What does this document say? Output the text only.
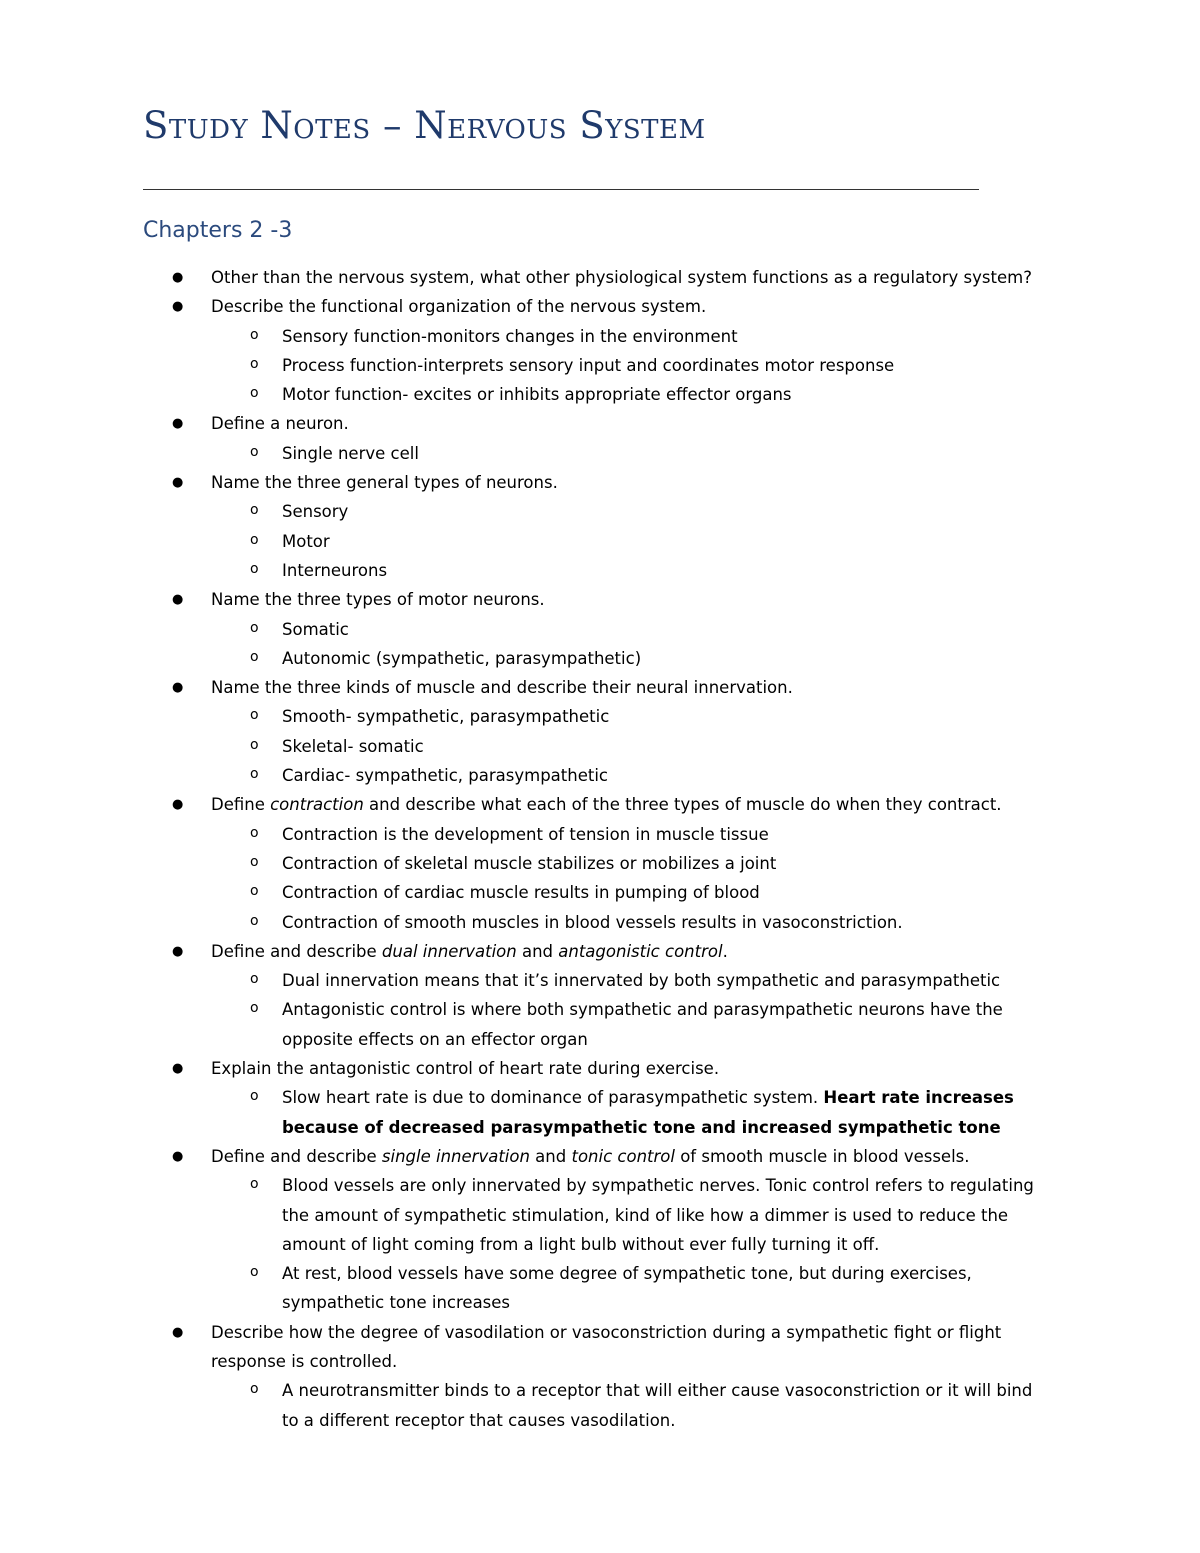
Study Notes – Nervous System
Chapters 2 -3
● Other than the nervous system, what other physiological system functions as a regulatory system?
● Describe the functional organization of the nervous system.
o Sensory function-monitors changes in the environment
o Process function-interprets sensory input and coordinates motor response
o Motor function- excites or inhibits appropriate effector organs
● Define a neuron.
o Single nerve cell
● Name the three general types of neurons.
o Sensory
o Motor
o Interneurons
● Name the three types of motor neurons.
o Somatic
o Autonomic (sympathetic, parasympathetic)
● Name the three kinds of muscle and describe their neural innervation.
o Smooth- sympathetic, parasympathetic
o Skeletal- somatic
o Cardiac- sympathetic, parasympathetic
● Define contraction and describe what each of the three types of muscle do when they contract.
o Contraction is the development of tension in muscle tissue
o Contraction of skeletal muscle stabilizes or mobilizes a joint
o Contraction of cardiac muscle results in pumping of blood
o Contraction of smooth muscles in blood vessels results in vasoconstriction.
● Define and describe dual innervation and antagonistic control.
o Dual innervation means that it’s innervated by both sympathetic and parasympathetic
o Antagonistic control is where both sympathetic and parasympathetic neurons have the opposite effects on an effector organ
● Explain the antagonistic control of heart rate during exercise.
o Slow heart rate is due to dominance of parasympathetic system. Heart rate increases because of decreased parasympathetic tone and increased sympathetic tone
● Define and describe single innervation and tonic control of smooth muscle in blood vessels.
o Blood vessels are only innervated by sympathetic nerves. Tonic control refers to regulating the amount of sympathetic stimulation, kind of like how a dimmer is used to reduce the amount of light coming from a light bulb without ever fully turning it off.
o At rest, blood vessels have some degree of sympathetic tone, but during exercises, sympathetic tone increases
● Describe how the degree of vasodilation or vasoconstriction during a sympathetic fight or flight response is controlled.
o A neurotransmitter binds to a receptor that will either cause vasoconstriction or it will bind to a different receptor that causes vasodilation.
